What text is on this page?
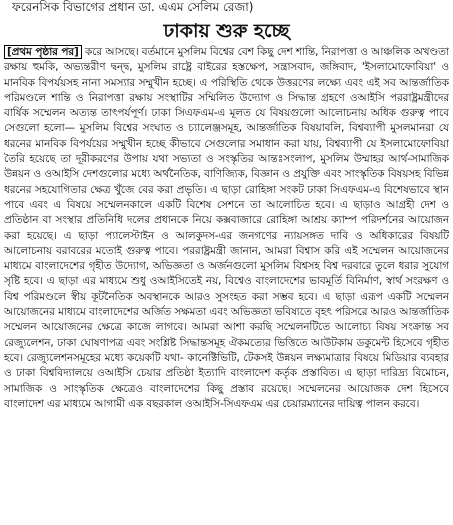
ফরেনসিক বিভাগের প্রধান ডা. এএম সেলিম রেজা)
ঢাকায় শুরু হচ্ছে
[প্রথম পৃষ্ঠার পর] করে আসছে। বর্তমানে মুসলিম বিশ্বের বেশ কিছু দেশ শান্তি, নিরাপত্তা ও আঞ্চলিক অখণ্ডতা রক্ষায় হুমকি, অভ্যন্তরীণ দ্বন্দ্ব, মুসলিম রাষ্ট্রে বাইরের হস্তক্ষেপ, সন্ত্রাসবাদ, জঙ্গিবাদ, 'ইসলামোফোবিয়া' ও মানবিক বিপর্যয়সহ নানা সমস্যার সম্মুখীন হচ্ছে। এ পরিস্থিতি থেকে উত্তরণের লক্ষ্যে এবং এই সব আন্তর্জাতিক পরিমণ্ডলে শান্তি ও নিরাপত্তা রক্ষায় সংস্থাটির সম্মিলিত উদ্যোগ ও সিদ্ধান্ত গ্রহণে ওআইসি পররাষ্ট্রমন্ত্রীদের বার্ষিক সম্মেলন অত্যন্ত তাৎপর্যপূর্ণ। ঢাকা সিএফএম-এ মূলত যে বিষয়গুলো আলোচনায় অধিক গুরুত্ব পাবে সেগুলো হলো— মুসলিম বিশ্বের সংঘাত ও চ্যালেঞ্জসমূহ, আন্তর্জাতিক বিষয়াবলি, বিশ্বব্যাপী মুসলমানরা যে ধরনের মানবিক বিপর্যয়ের সম্মুখীন হচ্ছে কীভাবে সেগুলোর সমাধান করা যায়, বিশ্বব্যাপী যে ইসলামোফোবিয়া তৈরি হয়েছে তা দূরীকরণের উপায় যথা সভ্যতা ও সংস্কৃতির আন্তঃসংলাপ, মুসলিম উম্মাহর আর্থ-সামাজিক উন্নয়ন ও ওআইসি দেশগুলোর মধ্যে অর্থনৈতিক, বাণিজ্যিক, বিজ্ঞান ও প্রযুক্তি এবং সাংস্কৃতিক বিষয়সহ বিভিন্ন ধরনের সহযোগিতার ক্ষেত্র খুঁজে বের করা প্রভৃতি। এ ছাড়া রোহিঙ্গা সংকট ঢাকা সিএফএম-এ বিশেষভাবে স্থান পাবে এবং এ বিষয়ে সম্মেলনকালে একটি বিশেষ সেশনে তা আলোচিত হবে। এ ছাড়াও আগ্রহী দেশ ও প্রতিষ্ঠান বা সংস্থার প্রতিনিধি দলের প্রধানকে নিয়ে কক্সবাজারে রোহিঙ্গা আশ্রয় ক্যাম্প পরিদর্শনের আয়োজন করা হয়েছে। এ ছাড়া প্যালেস্টাইন ও আলকুদস-এর জনগণের ন্যায়সঙ্গত দাবি ও অধিকারের বিষয়টি আলোচনায় বরাবরের মতোই গুরুত্ব পাবে। পররাষ্ট্রমন্ত্রী জানান, আমরা বিশ্বাস করি এই সম্মেলন আয়োজনের মাধ্যমে বাংলাদেশের গৃহীত উদ্যোগ, অভিজ্ঞতা ও অর্জনগুলো মুসলিম বিশ্বসহ বিশ্ব দরবারে তুলে ধরার সুযোগ সৃষ্টি হবে। এ ছাড়া এর মাধ্যমে শুধু ওআইসিতেই নয়, বিশ্বেও বাংলাদেশের ভাবমূর্তি বিনির্মাণ, স্বার্থ সংরক্ষণ ও বিশ্ব পরিমণ্ডলে স্বীয় কূটনৈতিক অবস্থানকে আরও সুসংহত করা সম্ভব হবে। এ ছাড়া এরূপ একটি সম্মেলন আয়োজনের মাধ্যমে বাংলাদেশের অর্জিত সক্ষমতা এবং অভিজ্ঞতা ভবিষ্যতে বৃহৎ পরিসরে আরও আন্তর্জাতিক সম্মেলন আয়োজনের ক্ষেত্রে কাজে লাগবে। আমরা আশা করছি সম্মেলনটিতে আলোচ্য বিষয় সংক্রান্ত সব রেজ্যুলেশন, ঢাকা ঘোষণাপত্র এবং সংশ্লিষ্ট সিদ্ধান্তসমূহ ঐকমত্যের ভিত্তিতে আউটকাম ডকুমেন্ট হিসেবে গৃহীত হবে। রেজ্যুলেশনসমূহের মধ্যে কয়েকটি যথা- কানেক্টিভিটি, টেকসই উন্নয়ন লক্ষ্যমাত্রার বিষয়ে মিডিয়ার ব্যবহার ও ঢাকা বিশ্ববিদ্যালয়ে ওআইসি চেয়ার প্রতিষ্ঠা ইত্যাদি বাংলাদেশ কর্তৃক প্রস্তাবিত। এ ছাড়া দারিদ্র্য বিমোচন, সামাজিক ও সাংস্কৃতিক ক্ষেত্রেও বাংলাদেশের কিছু প্রস্তাব রয়েছে। সম্মেলনের আয়োজক দেশ হিসেবে বাংলাদেশ এর মাধ্যমে আগামী এক বছরকাল ওআইসি-সিএফএম এর চেয়ারম্যানের দায়িত্ব পালন করবে।
